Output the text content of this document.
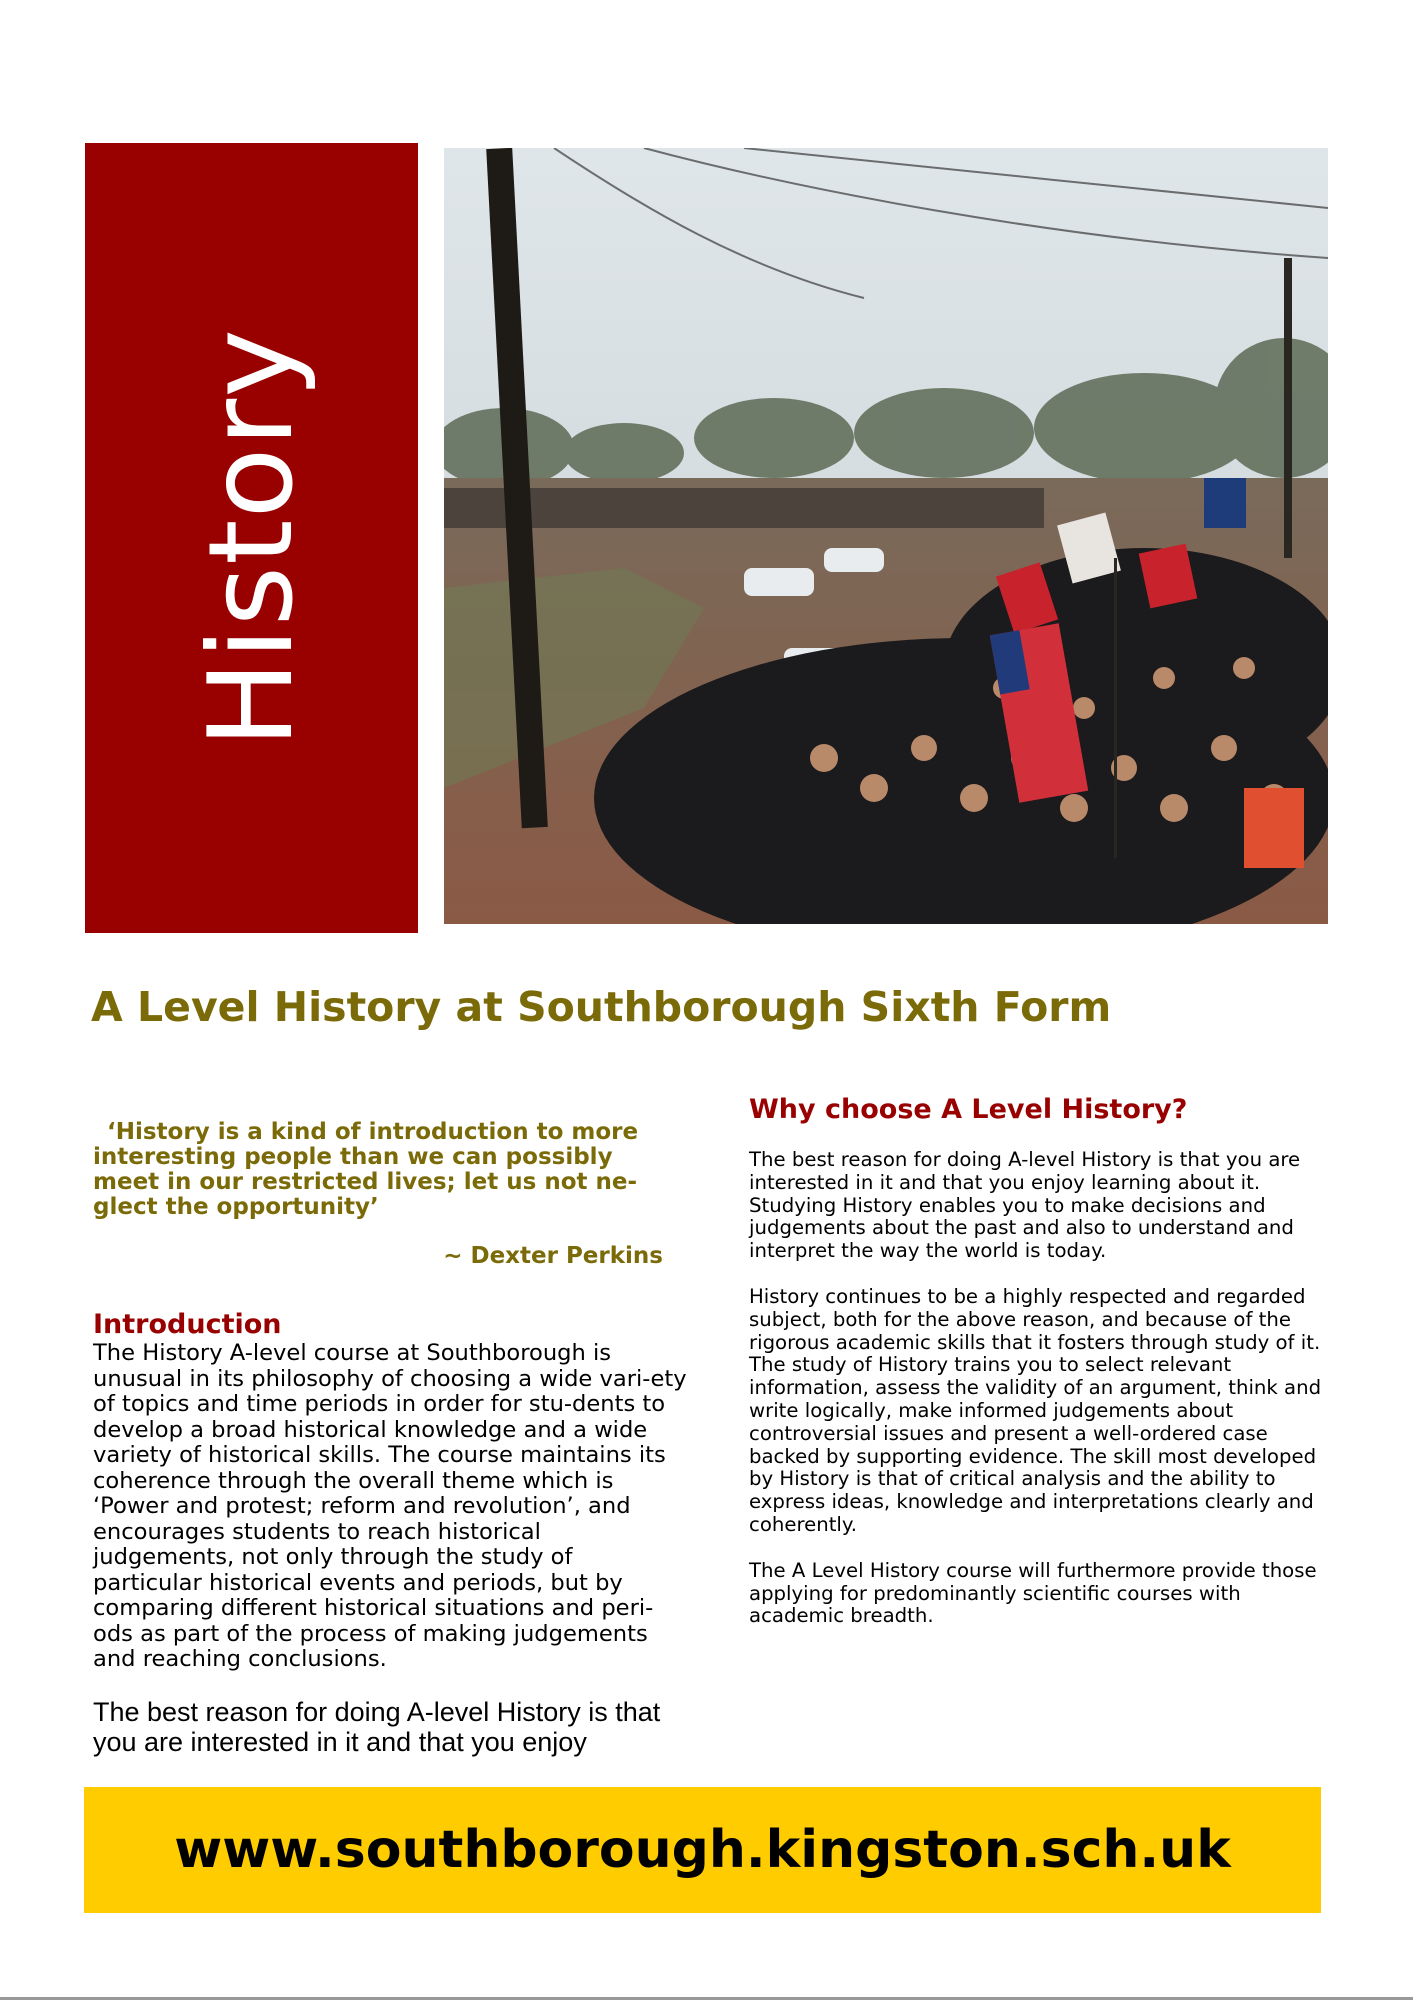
History
A Level History at Southborough Sixth Form

‘History is a kind of introduction to more interesting people than we can possibly meet in our restricted lives; let us not ne-glect the opportunity’

~ Dexter Perkins
Introduction

The History A-level course at Southborough is unusual in its philosophy of choosing a wide vari-ety of topics and time periods in order for stu-dents to develop a broad historical knowledge and a wide variety of historical skills. The course maintains its coherence through the overall theme which is ‘Power and protest; reform and revolution’, and encourages students to reach historical judgements, not only through the study of particular historical events and periods, but by comparing different historical situations and peri-ods as part of the process of making judgements and reaching conclusions.

The best reason for doing A-level History is that you are interested in it and that you enjoy

Why choose A Level History?

The best reason for doing A-level History is that you are interested in it and that you enjoy learning about it. Studying History enables you to make decisions and judgements about the past and also to understand and interpret the way the world is today.

History continues to be a highly respected and regarded subject, both for the above reason, and because of the rigorous academic skills that it fosters through study of it. The study of History trains you to select relevant information, assess the validity of an argument, think and write logically, make informed judgements about controversial issues and present a well-ordered case backed by supporting evidence. The skill most developed by History is that of critical analysis and the ability to express ideas, knowledge and interpretations clearly and coherently.

The A Level History course will furthermore provide those applying for predominantly scientific courses with academic breadth.

www.southborough.kingston.sch.uk
